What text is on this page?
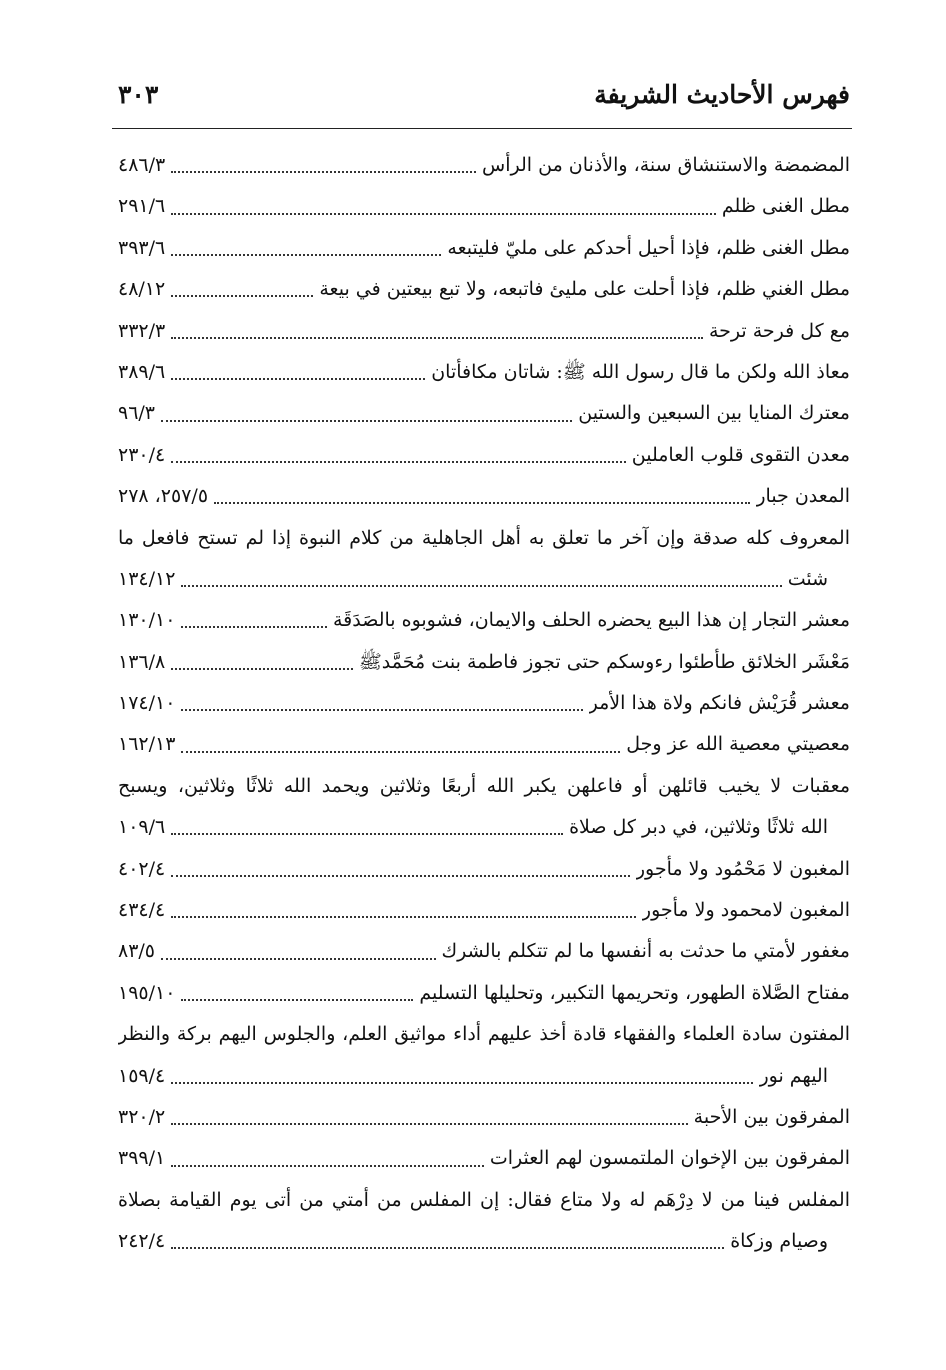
فهرس الأحاديث الشريفة
٣٠٣
المضمضة والاستنشاق سنة، والأذنان من الرأس
٤٨٦/٣
مطل الغنى ظلم
٢٩١/٦
مطل الغنى ظلم، فإذا أحيل أحدكم على مليّ فليتبعه
٣٩٣/٦
مطل الغني ظلم، فإذا أحلت على مليئ فاتبعه، ولا تبع بيعتين في بيعة
٤٨/١٢
مع كل فرحة ترحة
٣٣٢/٣
معاذ الله ولكن ما قال رسول الله ﷺ: شاتان مكافأتان
٣٨٩/٦
معترك المنايا بين السبعين والستين
٩٦/٣
معدن التقوى قلوب العاملين
٢٣٠/٤
المعدن جبار
٢٥٧/٥، ٢٧٨
المعروف كله صدقة وإن آخر ما تعلق به أهل الجاهلية من كلام النبوة إذا لم تستح فافعل ما
شئت
١٣٤/١٢
معشر التجار إن هذا البيع يحضره الحلف والايمان، فشوبوه بالصَدَقَة
١٣٠/١٠
مَعْشَر الخلائق طأطئوا رءوسكم حتى تجوز فاطمة بنت مُحَمَّدﷺ
١٣٦/٨
معشر قُرَيْش فانكم ولاة هذا الأمر
١٧٤/١٠
معصيتي معصية الله عز وجل
١٦٢/١٣
معقبات لا يخيب قائلهن أو فاعلهن يكبر الله أربعًا وثلاثين ويحمد الله ثلاثًا وثلاثين، ويسبح
الله ثلاثًا وثلاثين، في دبر كل صلاة
١٠٩/٦
المغبون لا مَحْمُود ولا مأجور
٤٠٢/٤
المغبون لامحمود ولا مأجور
٤٣٤/٤
مغفور لأمتي ما حدثت به أنفسها ما لم تتكلم بالشرك
٨٣/٥
مفتاح الصَّلاة الطهور، وتحريمها التكبير، وتحليلها التسليم
١٩٥/١٠
المفتون سادة العلماء والفقهاء قادة أخذ عليهم أداء مواثيق العلم، والجلوس اليهم بركة والنظر
اليهم نور
١٥٩/٤
المفرقون بين الأحبة
٣٢٠/٢
المفرقون بين الإخوان الملتمسون لهم العثرات
٣٩٩/١
المفلس فينا من لا دِرْهَم له ولا متاع فقال: إن المفلس من أمتي من أتى يوم القيامة بصلاة
وصيام وزكاة
٢٤٢/٤
